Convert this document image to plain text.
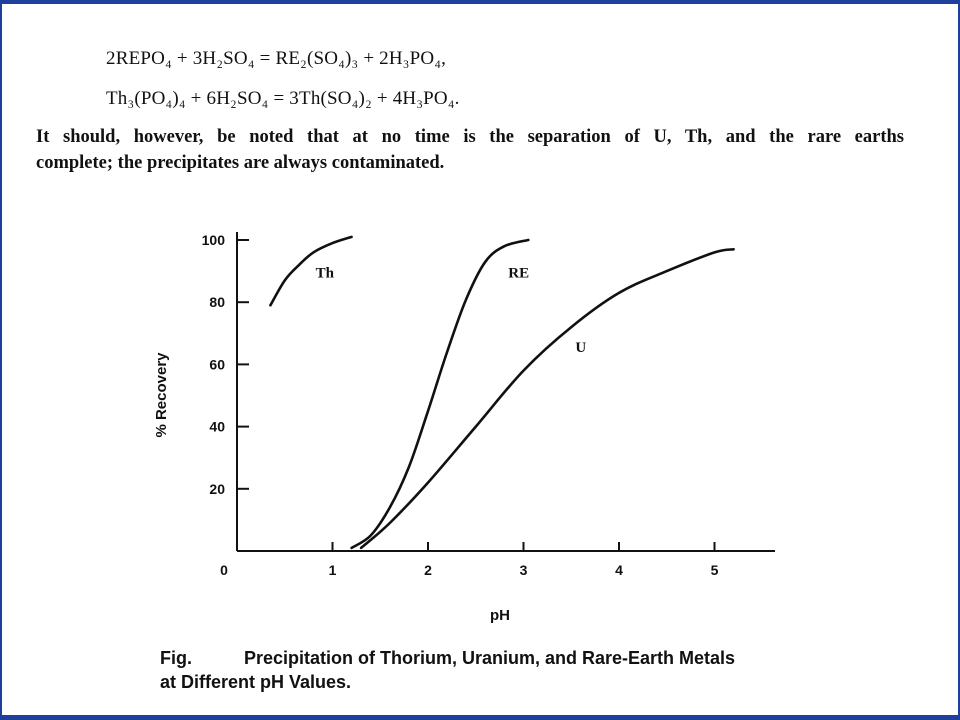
2REPO₄ + 3H₂SO₄ = RE₂(SO₄)₃ + 2H₃PO₄,
Th₃(PO₄)₄ + 6H₂SO₄ = 3Th(SO₄)₂ + 4H₃PO₄.
It should, however, be noted that at no time is the separation of U, Th, and the rare earths
complete; the precipitates are always contaminated.
20
40
60
80
100
0	1	2	3	4	5
Th	RE
U
pH
% Recovery
Fig.	Precipitation of Thorium, Uranium, and Rare-Earth Metals
at Different pH Values.
